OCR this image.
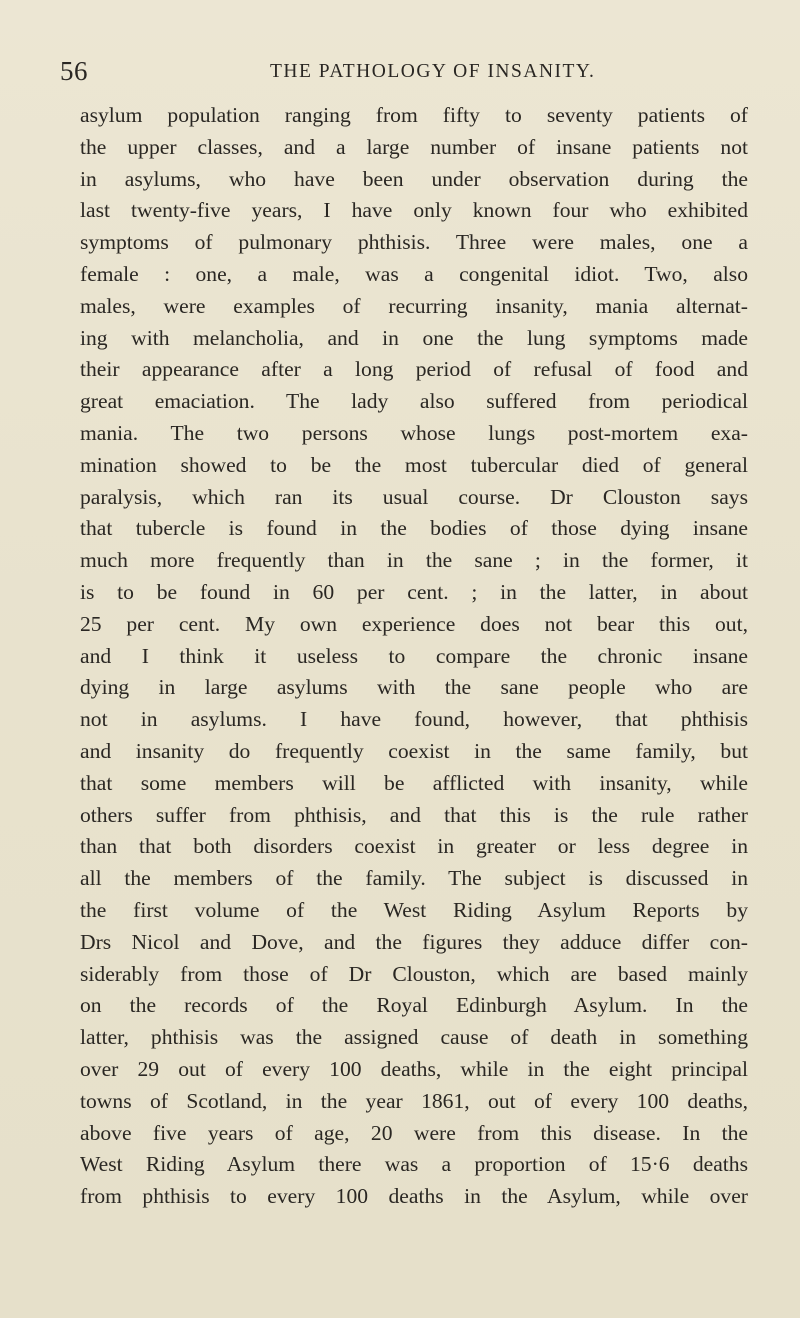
56	THE PATHOLOGY OF INSANITY.
asylum population ranging from fifty to seventy patients of
the upper classes, and a large number of insane patients not
in asylums, who have been under observation during the
last twenty-five years, I have only known four who exhibited
symptoms of pulmonary phthisis. Three were males, one a
female : one, a male, was a congenital idiot. Two, also
males, were examples of recurring insanity, mania alternat-
ing with melancholia, and in one the lung symptoms made
their appearance after a long period of refusal of food and
great emaciation. The lady also suffered from periodical
mania. The two persons whose lungs post-mortem exa-
mination showed to be the most tubercular died of general
paralysis, which ran its usual course. Dr Clouston says
that tubercle is found in the bodies of those dying insane
much more frequently than in the sane ; in the former, it
is to be found in 60 per cent. ; in the latter, in about
25 per cent. My own experience does not bear this out,
and I think it useless to compare the chronic insane
dying in large asylums with the sane people who are
not in asylums. I have found, however, that phthisis
and insanity do frequently coexist in the same family, but
that some members will be afflicted with insanity, while
others suffer from phthisis, and that this is the rule rather
than that both disorders coexist in greater or less degree in
all the members of the family. The subject is discussed in
the first volume of the West Riding Asylum Reports by
Drs Nicol and Dove, and the figures they adduce differ con-
siderably from those of Dr Clouston, which are based mainly
on the records of the Royal Edinburgh Asylum. In the
latter, phthisis was the assigned cause of death in something
over 29 out of every 100 deaths, while in the eight principal
towns of Scotland, in the year 1861, out of every 100 deaths,
above five years of age, 20 were from this disease. In the
West Riding Asylum there was a proportion of 15·6 deaths
from phthisis to every 100 deaths in the Asylum, while over
